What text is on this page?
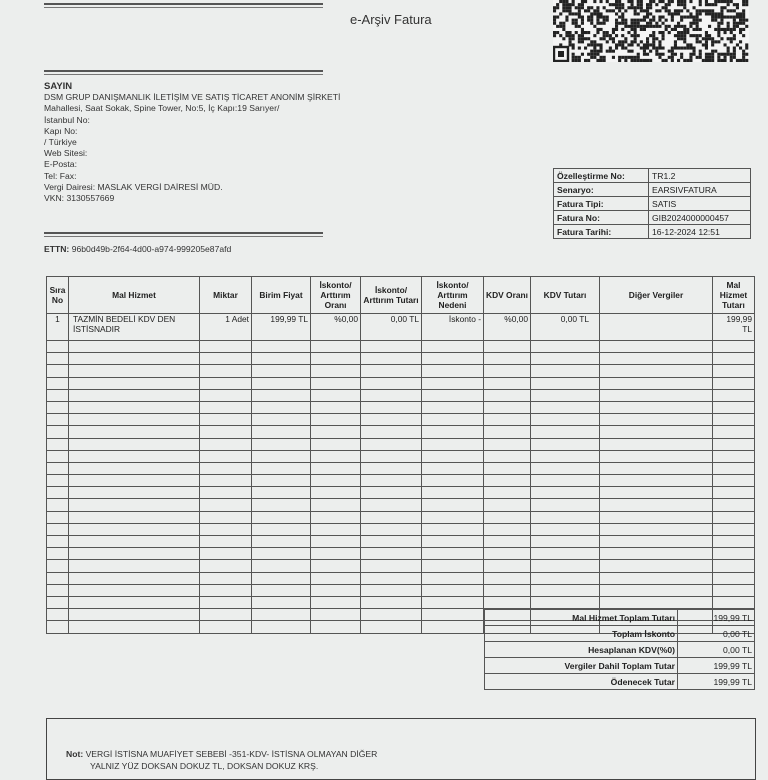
e-Arşiv Fatura
SAYIN
DSM GRUP DANIŞMANLIK İLETİŞİM VE SATIŞ TİCARET ANONİM ŞİRKETİ
Mahallesi, Saat Sokak, Spine Tower, No:5, İç Kapı:19 Sarıyer/ İstanbul No:
Kapı No:
/ Türkiye
Web Sitesi:
E-Posta:
Tel: Fax:
Vergi Dairesi: MASLAK VERGİ DAİRESİ MÜD.
VKN: 3130557669
ETTN: 96b0d49b-2f64-4d00-a974-999205e87afd
Özelleştirme No:	TR1.2
Senaryo:	EARSIVFATURA
Fatura Tipi:	SATIS
Fatura No:	GIB2024000000457
Fatura Tarihi:	16-12-2024 12:51
Sıra No	Mal Hizmet	Miktar	Birim Fiyat	İskonto/ Arttırım Oranı	İskonto/ Arttırım Tutarı	İskonto/ Arttırım Nedeni	KDV Oranı	KDV Tutarı	Diğer Vergiler	Mal Hizmet Tutarı
1	TAZMİN BEDELİ KDV DEN İSTİSNADIR	1 Adet	199,99 TL	%0,00	0,00 TL	İskonto -	%0,00	0,00 TL		199,99 TL

Mal Hizmet Toplam Tutarı	199,99 TL
Toplam İskonto	0,00 TL
Hesaplanan KDV(%0)	0,00 TL
Vergiler Dahil Toplam Tutar	199,99 TL
Ödenecek Tutar	199,99 TL
Not: VERGİ İSTİSNA MUAFİYET SEBEBİ -351-KDV- İSTİSNA OLMAYAN DİĞER
YALNIZ YÜZ DOKSAN DOKUZ TL, DOKSAN DOKUZ KRŞ.
